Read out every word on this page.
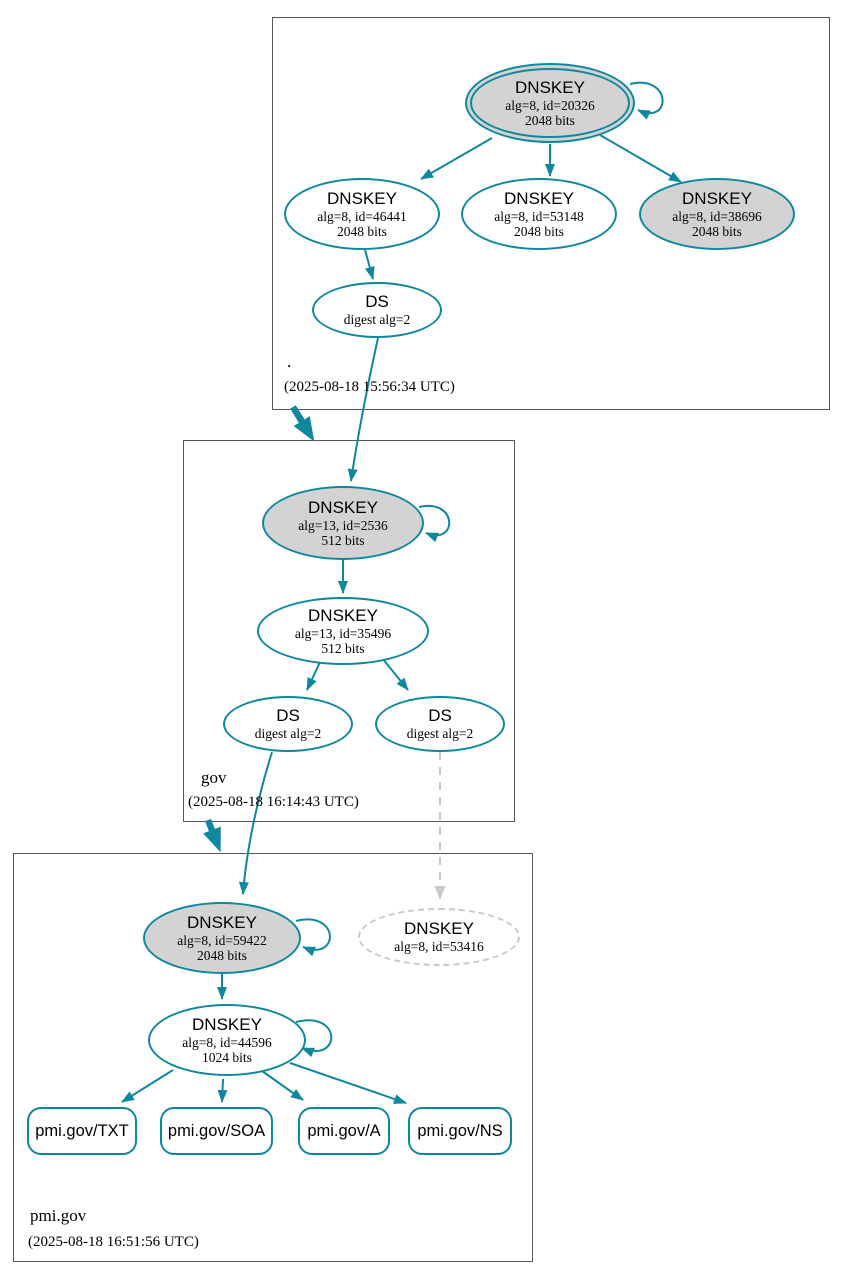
DNSKEY
alg=8, id=20326
2048 bits
DNSKEY
alg=8, id=46441
2048 bits
DNSKEY
alg=8, id=53148
2048 bits
DNSKEY
alg=8, id=38696
2048 bits
DS
digest alg=2
.
(2025-08-18 15:56:34 UTC)
DNSKEY
alg=13, id=2536
512 bits
DNSKEY
alg=13, id=35496
512 bits
DS
digest alg=2
DS
digest alg=2
gov
(2025-08-18 16:14:43 UTC)
DNSKEY
alg=8, id=59422
2048 bits
DNSKEY
alg=8, id=53416
DNSKEY
alg=8, id=44596
1024 bits
pmi.gov/TXT pmi.gov/SOA	pmi.gov/A pmi.gov/NS
pmi.gov
(2025-08-18 16:51:56 UTC)
